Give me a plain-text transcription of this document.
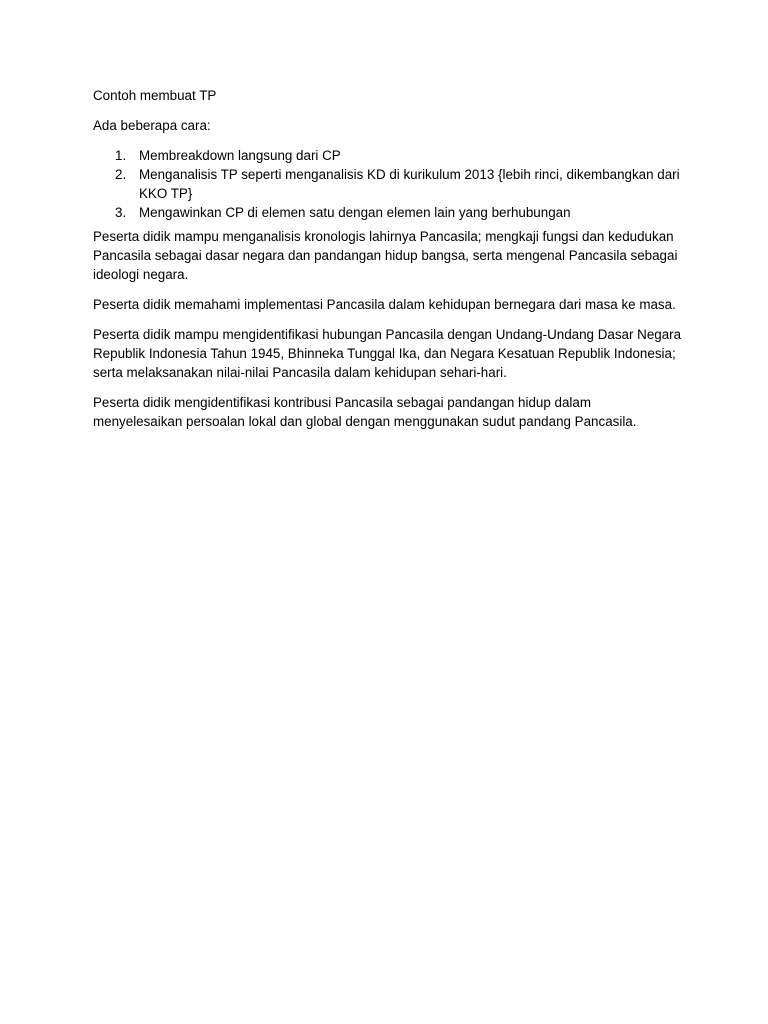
Contoh membuat TP

Ada beberapa cara:

1. Membreakdown langsung dari CP
2. Menganalisis TP seperti menganalisis KD di kurikulum 2013 {lebih rinci, dikembangkan dari KKO TP}
3. Mengawinkan CP di elemen satu dengan elemen lain yang berhubungan

Peserta didik mampu menganalisis kronologis lahirnya Pancasila; mengkaji fungsi dan kedudukan Pancasila sebagai dasar negara dan pandangan hidup bangsa, serta mengenal Pancasila sebagai ideologi negara.

Peserta didik memahami implementasi Pancasila dalam kehidupan bernegara dari masa ke masa.

Peserta didik mampu mengidentifikasi hubungan Pancasila dengan Undang-Undang Dasar Negara Republik Indonesia Tahun 1945, Bhinneka Tunggal Ika, dan Negara Kesatuan Republik Indonesia; serta melaksanakan nilai-nilai Pancasila dalam kehidupan sehari-hari.

Peserta didik mengidentifikasi kontribusi Pancasila sebagai pandangan hidup dalam menyelesaikan persoalan lokal dan global dengan menggunakan sudut pandang Pancasila.
